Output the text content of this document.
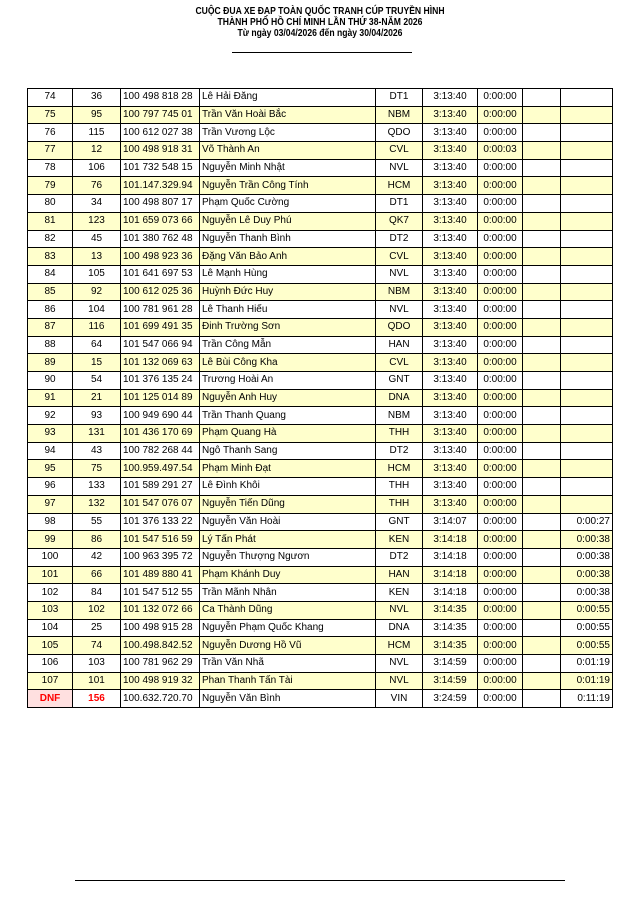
CUỘC ĐUA XE ĐẠP TOÀN QUỐC TRANH CÚP TRUYỀN HÌNH
THÀNH PHỐ HỒ CHÍ MINH LẦN THỨ 38-NĂM 2026
Từ ngày 03/04/2026 đến ngày 30/04/2026
74	36	100 498 818 28	Lê Hải Đăng	DT1	3:13:40	0:00:00		
75	95	100 797 745 01	Trần Văn Hoài Bắc	NBM	3:13:40	0:00:00		
76	115	100 612 027 38	Trần Vương Lộc	QDO	3:13:40	0:00:00		
77	12	100 498 918 31	Võ Thành An	CVL	3:13:40	0:00:03		
78	106	101 732 548 15	Nguyễn Minh Nhật	NVL	3:13:40	0:00:00		
79	76	101.147.329.94	Nguyễn Trần Công Tính	HCM	3:13:40	0:00:00		
80	34	100 498 807 17	Phạm Quốc Cường	DT1	3:13:40	0:00:00		
81	123	101 659 073 66	Nguyễn Lê Duy Phú	QK7	3:13:40	0:00:00		
82	45	101 380 762 48	Nguyễn Thanh Bình	DT2	3:13:40	0:00:00		
83	13	100 498 923 36	Đặng Văn Bảo Anh	CVL	3:13:40	0:00:00		
84	105	101 641 697 53	Lê Mạnh Hùng	NVL	3:13:40	0:00:00		
85	92	100 612 025 36	Huỳnh Đức Huy	NBM	3:13:40	0:00:00		
86	104	100 781 961 28	Lê Thanh Hiếu	NVL	3:13:40	0:00:00		
87	116	101 699 491 35	Đinh Trường Sơn	QDO	3:13:40	0:00:00		
88	64	101 547 066 94	Trần Công Mẫn	HAN	3:13:40	0:00:00		
89	15	101 132 069 63	Lê Bùi Công Kha	CVL	3:13:40	0:00:00		
90	54	101 376 135 24	Trương Hoài An	GNT	3:13:40	0:00:00		
91	21	101 125 014 89	Nguyễn Anh Huy	DNA	3:13:40	0:00:00		
92	93	100 949 690 44	Trần Thanh Quang	NBM	3:13:40	0:00:00		
93	131	101 436 170 69	Phạm Quang Hà	THH	3:13:40	0:00:00		
94	43	100 782 268 44	Ngô Thanh Sang	DT2	3:13:40	0:00:00		
95	75	100.959.497.54	Phạm Minh Đạt	HCM	3:13:40	0:00:00		
96	133	101 589 291 27	Lê Đình Khôi	THH	3:13:40	0:00:00		
97	132	101 547 076 07	Nguyễn Tiến Dũng	THH	3:13:40	0:00:00		
98	55	101 376 133 22	Nguyễn Văn Hoài	GNT	3:14:07	0:00:00		0:00:27
99	86	101 547 516 59	Lý Tấn Phát	KEN	3:14:18	0:00:00		0:00:38
100	42	100 963 395 72	Nguyễn Thượng Ngươn	DT2	3:14:18	0:00:00		0:00:38
101	66	101 489 880 41	Phạm Khánh Duy	HAN	3:14:18	0:00:00		0:00:38
102	84	101 547 512 55	Trần Mãnh Nhân	KEN	3:14:18	0:00:00		0:00:38
103	102	101 132 072 66	Ca Thành Dũng	NVL	3:14:35	0:00:00		0:00:55
104	25	100 498 915 28	Nguyễn Phạm Quốc Khang	DNA	3:14:35	0:00:00		0:00:55
105	74	100.498.842.52	Nguyễn Dương Hồ Vũ	HCM	3:14:35	0:00:00		0:00:55
106	103	100 781 962 29	Trần Văn Nhã	NVL	3:14:59	0:00:00		0:01:19
107	101	100 498 919 32	Phan Thanh Tấn Tài	NVL	3:14:59	0:00:00		0:01:19
DNF	156	100.632.720.70	Nguyễn Văn Bình	VIN	3:24:59	0:00:00		0:11:19
